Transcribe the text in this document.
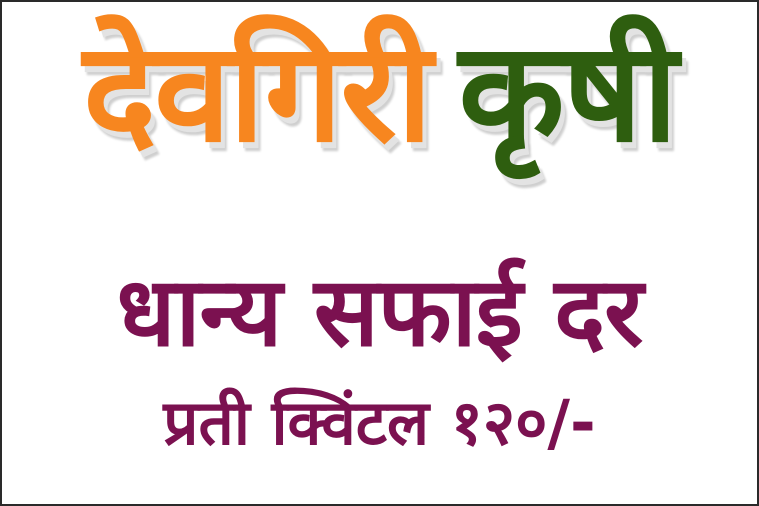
देवगिरी कृषी
धान्य सफाई दर
प्रती क्विंटल १२०/-
